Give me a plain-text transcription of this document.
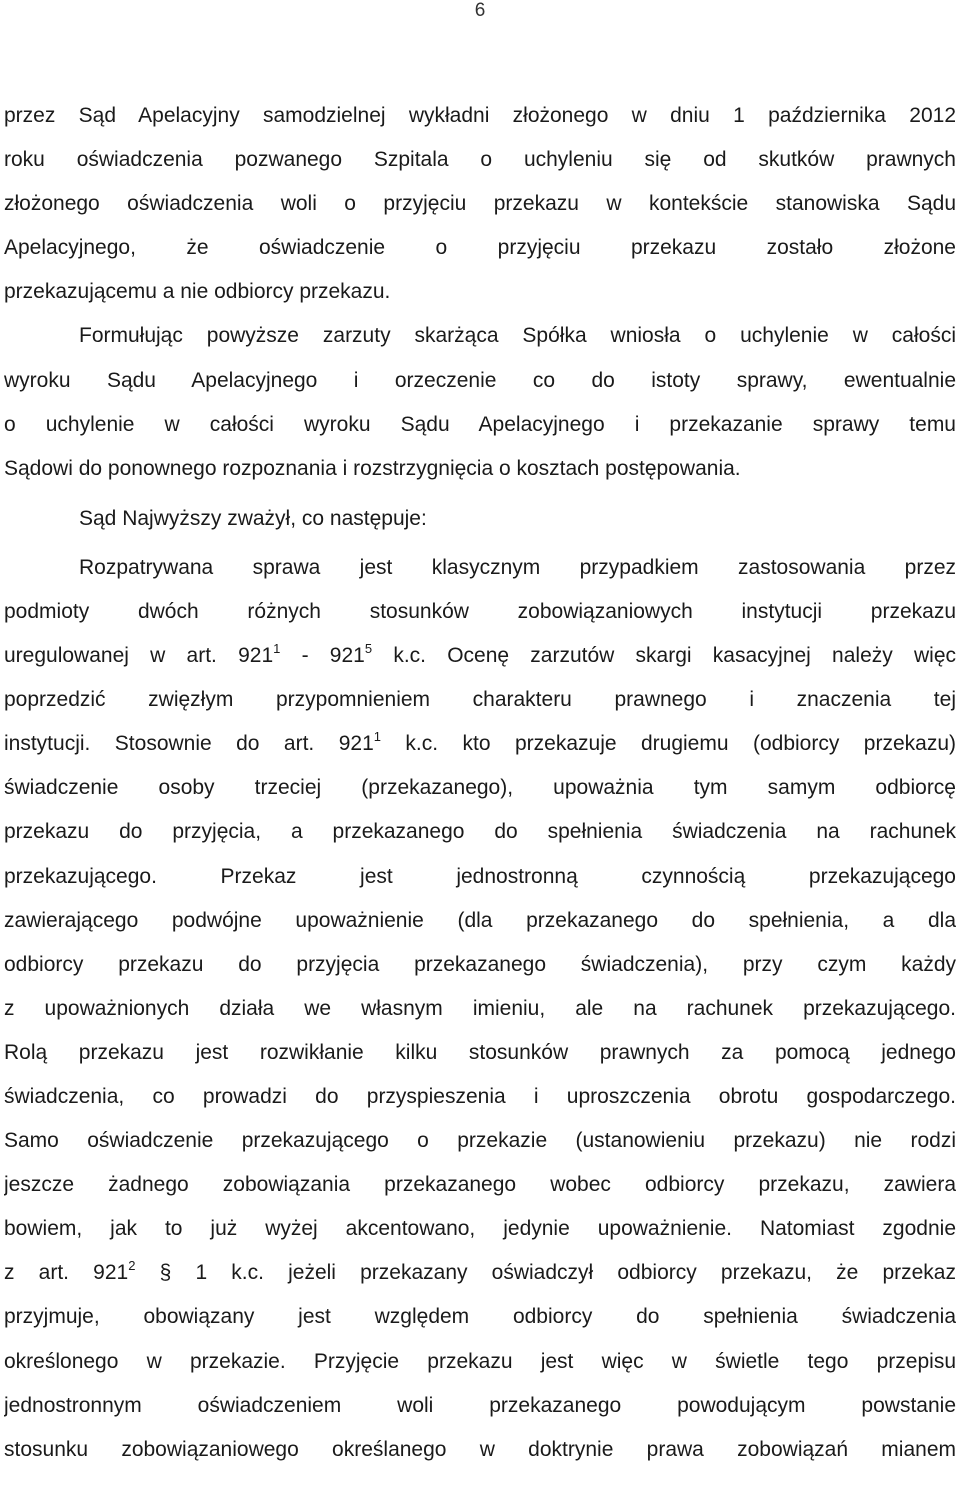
6
przez Sąd Apelacyjny samodzielnej wykładni złożonego w dniu 1 października 2012
roku oświadczenia pozwanego Szpitala o uchyleniu się od skutków prawnych
złożonego oświadczenia woli o przyjęciu przekazu w kontekście stanowiska Sądu
Apelacyjnego, że oświadczenie o przyjęciu przekazu zostało złożone
przekazującemu a nie odbiorcy przekazu.
Formułując powyższe zarzuty skarżąca Spółka wniosła o uchylenie w całości
wyroku Sądu Apelacyjnego i orzeczenie co do istoty sprawy, ewentualnie
o uchylenie w całości wyroku Sądu Apelacyjnego i przekazanie sprawy temu
Sądowi do ponownego rozpoznania i rozstrzygnięcia o kosztach postępowania.
Sąd Najwyższy zważył, co następuje:
Rozpatrywana sprawa jest klasycznym przypadkiem zastosowania przez
podmioty dwóch różnych stosunków zobowiązaniowych instytucji przekazu
uregulowanej w art. $921^1 - 921^5$ k.c. Ocenę zarzutów skargi kasacyjnej należy więc
poprzedzić zwięzłym przypomnieniem charakteru prawnego i znaczenia tej
instytucji. Stosownie do art. $921^1$ k.c. kto przekazuje drugiemu (odbiorcy przekazu)
świadczenie osoby trzeciej (przekazanego), upoważnia tym samym odbiorcę
przekazu do przyjęcia, a przekazanego do spełnienia świadczenia na rachunek
przekazującego. Przekaz jest jednostronną czynnością przekazującego
zawierającego podwójne upoważnienie (dla przekazanego do spełnienia, a dla
odbiorcy przekazu do przyjęcia przekazanego świadczenia), przy czym każdy
z upoważnionych działa we własnym imieniu, ale na rachunek przekazującego.
Rolą przekazu jest rozwikłanie kilku stosunków prawnych za pomocą jednego
świadczenia, co prowadzi do przyspieszenia i uproszczenia obrotu gospodarczego.
Samo oświadczenie przekazującego o przekazie (ustanowieniu przekazu) nie rodzi
jeszcze żadnego zobowiązania przekazanego wobec odbiorcy przekazu, zawiera
bowiem, jak to już wyżej akcentowano, jedynie upoważnienie. Natomiast zgodnie
z art. $921^2$ § 1 k.c. jeżeli przekazany oświadczył odbiorcy przekazu, że przekaz
przyjmuje, obowiązany jest względem odbiorcy do spełnienia świadczenia
określonego w przekazie. Przyjęcie przekazu jest więc w świetle tego przepisu
jednostronnym oświadczeniem woli przekazanego powodującym powstanie
stosunku zobowiązaniowego określanego w doktrynie prawa zobowiązań mianem
